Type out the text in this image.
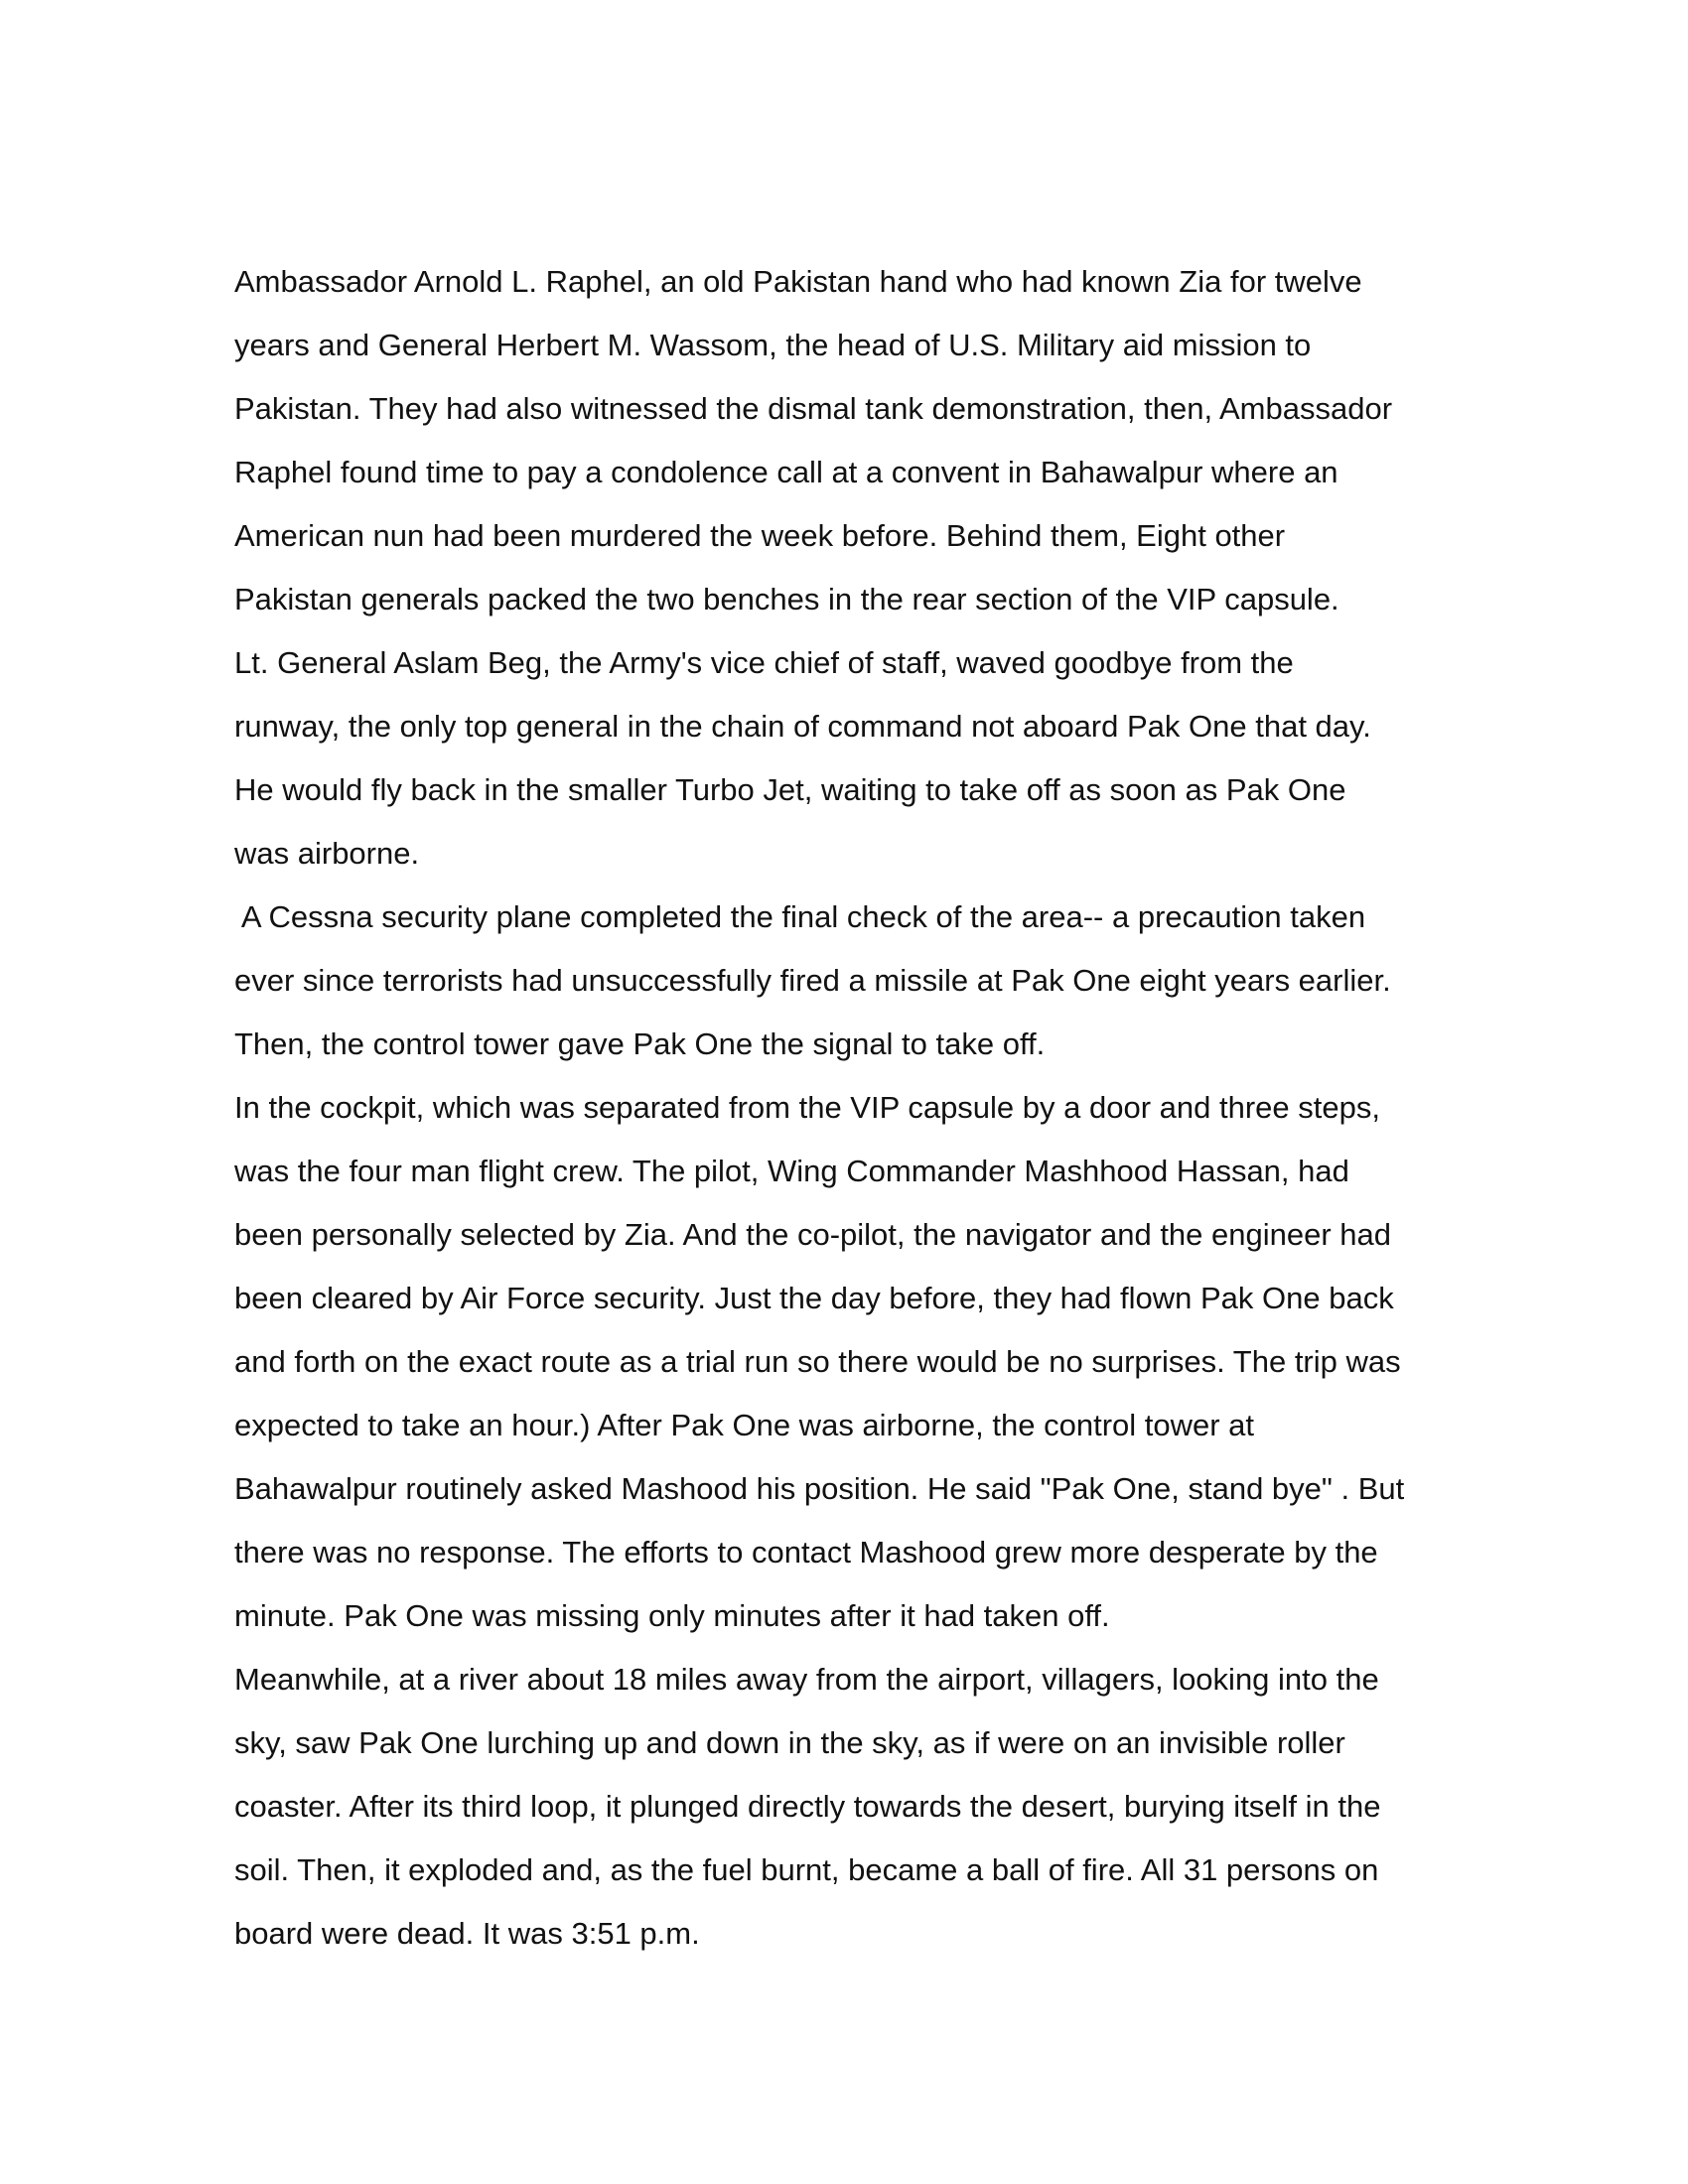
Ambassador Arnold L. Raphel, an old Pakistan hand who had known Zia for twelve
years and General Herbert M. Wassom, the head of U.S. Military aid mission to
Pakistan. They had also witnessed the dismal tank demonstration, then, Ambassador
Raphel found time to pay a condolence call at a convent in Bahawalpur where an
American nun had been murdered the week before. Behind them, Eight other
Pakistan generals packed the two benches in the rear section of the VIP capsule.
Lt. General Aslam Beg, the Army's vice chief of staff, waved goodbye from the
runway, the only top general in the chain of command not aboard Pak One that day.
He would fly back in the smaller Turbo Jet, waiting to take off as soon as Pak One
was airborne.
A Cessna security plane completed the final check of the area-- a precaution taken
ever since terrorists had unsuccessfully fired a missile at Pak One eight years earlier.
Then, the control tower gave Pak One the signal to take off.
In the cockpit, which was separated from the VIP capsule by a door and three steps,
was the four man flight crew. The pilot, Wing Commander Mashhood Hassan, had
been personally selected by Zia. And the co-pilot, the navigator and the engineer had
been cleared by Air Force security. Just the day before, they had flown Pak One back
and forth on the exact route as a trial run so there would be no surprises. The trip was
expected to take an hour.) After Pak One was airborne, the control tower at
Bahawalpur routinely asked Mashood his position. He said "Pak One, stand bye" . But
there was no response. The efforts to contact Mashood grew more desperate by the
minute. Pak One was missing only minutes after it had taken off.
Meanwhile, at a river about 18 miles away from the airport, villagers, looking into the
sky, saw Pak One lurching up and down in the sky, as if were on an invisible roller
coaster. After its third loop, it plunged directly towards the desert, burying itself in the
soil. Then, it exploded and, as the fuel burnt, became a ball of fire. All 31 persons on
board were dead. It was 3:51 p.m.
